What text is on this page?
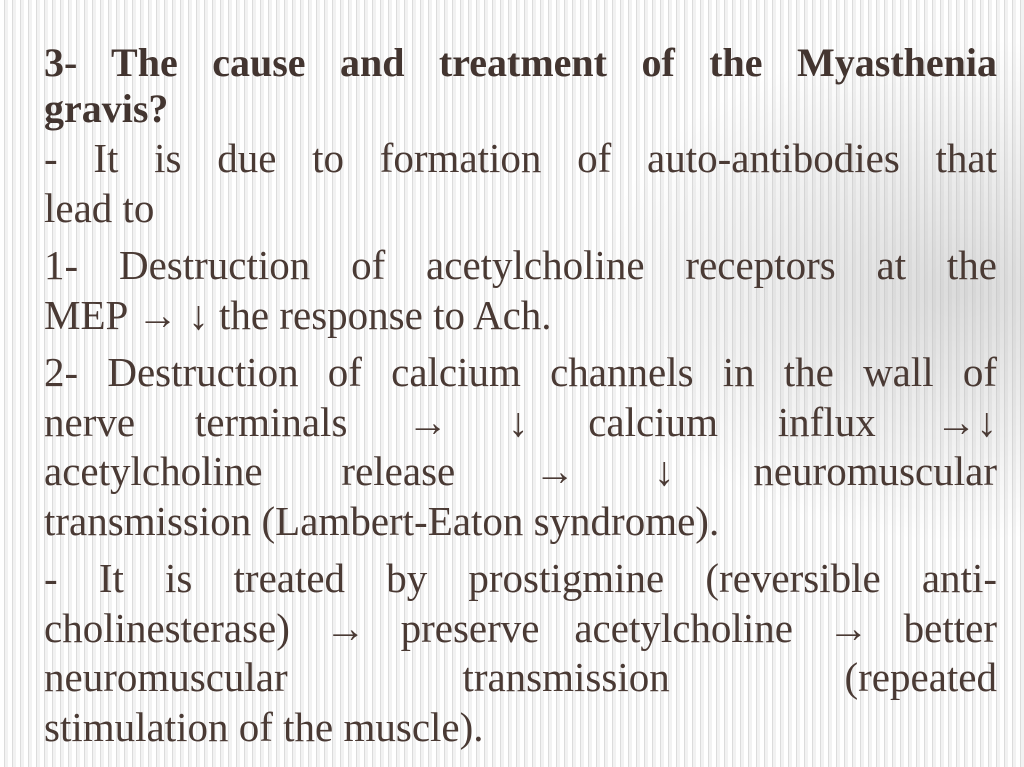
3- The cause and treatment of the Myasthenia
gravis?
- It is due to formation of auto-antibodies that
lead to
1- Destruction of acetylcholine receptors at the
MEP → ↓ the response to Ach.
2- Destruction of calcium channels in the wall of
nerve terminals → ↓ calcium influx →↓
acetylcholine release → ↓ neuromuscular
transmission (Lambert-Eaton syndrome).
- It is treated by prostigmine (reversible anti-
cholinesterase) → preserve acetylcholine → better
neuromuscular transmission (repeated
stimulation of the muscle).
